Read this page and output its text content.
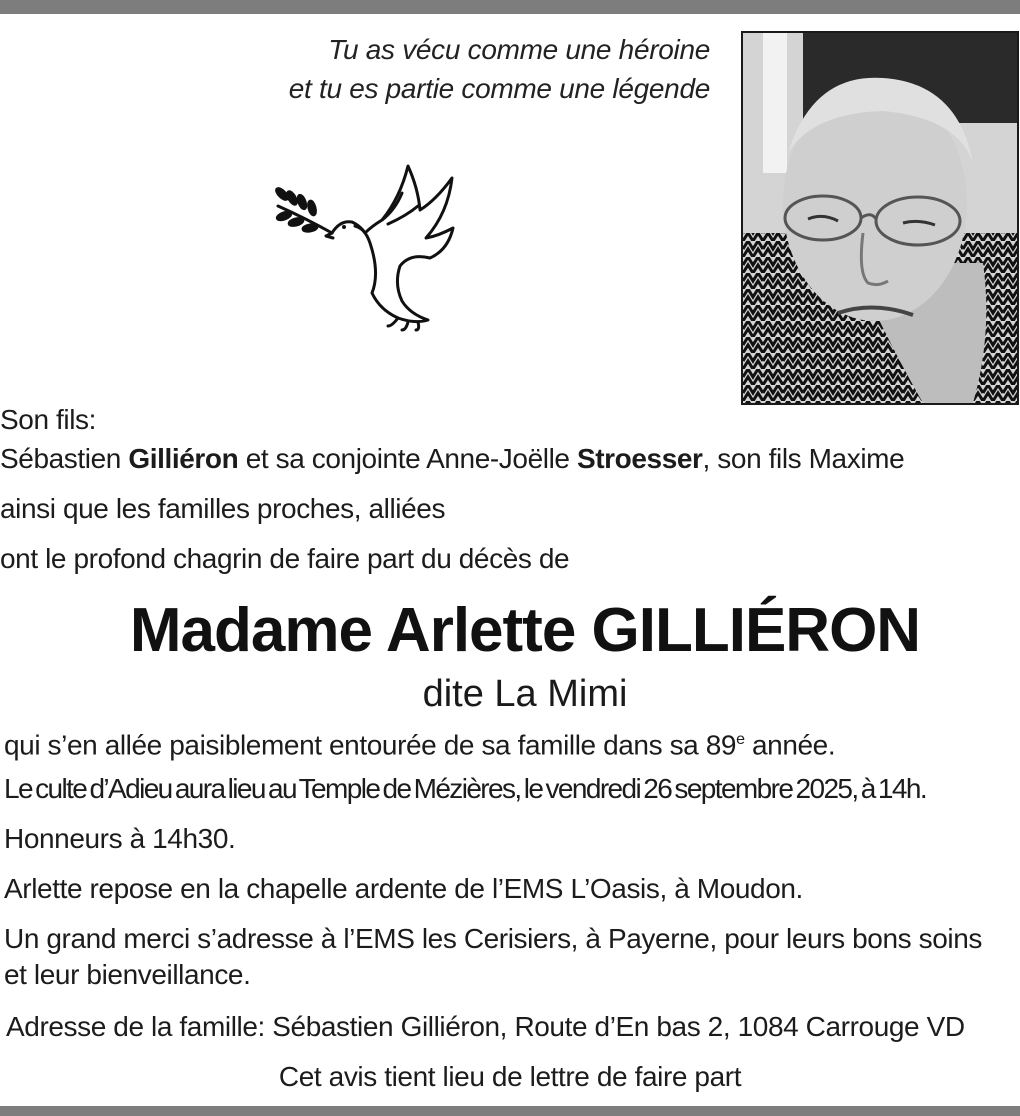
Tu as vécu comme une héroine
et tu es partie comme une légende
Son fils:
Sébastien Gilliéron et sa conjointe Anne-Joëlle Stroesser, son fils Maxime
ainsi que les familles proches, alliées
ont le profond chagrin de faire part du décès de
Madame Arlette GILLIÉRON
dite La Mimi
qui s’en allée paisiblement entourée de sa famille dans sa 89e année.
Le culte d’Adieu aura lieu au Temple de Mézières, le vendredi 26 septembre 2025, à 14h.
Honneurs à 14h30.
Arlette repose en la chapelle ardente de l’EMS L’Oasis, à Moudon.
Un grand merci s’adresse à l’EMS les Cerisiers, à Payerne, pour leurs bons soins
et leur bienveillance.
Adresse de la famille: Sébastien Gilliéron, Route d’En bas 2, 1084 Carrouge VD
Cet avis tient lieu de lettre de faire part
